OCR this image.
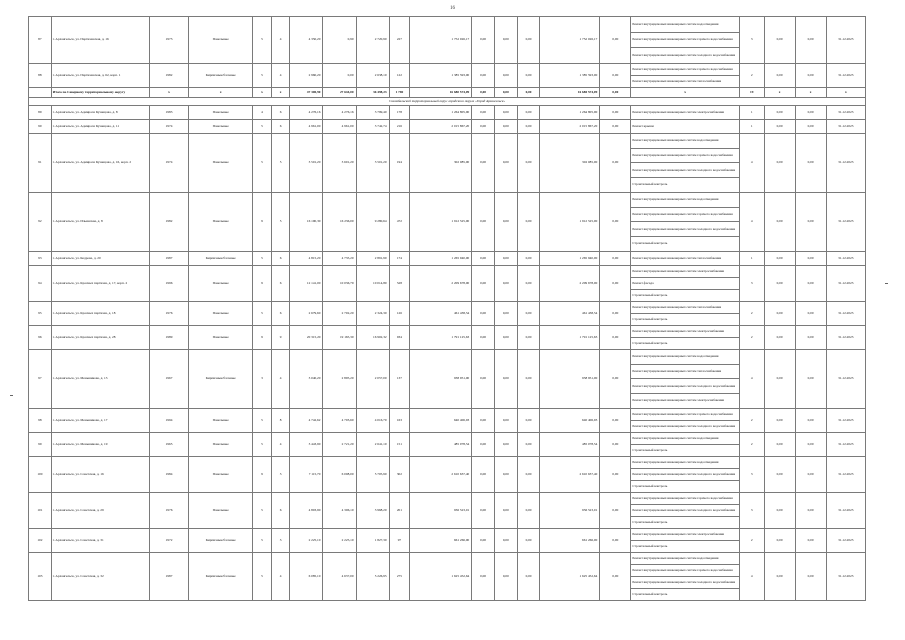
16
87	г. Архангельск, ул. Партизанская, д. 16	1973	Панельные	5	4	4 350,20	0,90	2 720,90	227	1 752 026,17	0,00	0,00	0,00	1 752 026,17	0,00	Ремонт внутридомовых инженерных систем водоотведения	3	0,00	0,00	31.12.2023
																Ремонт внутридомовых инженерных систем горячего водоснабжения				
																Ремонт внутридомовых инженерных систем холодного водоснабжения				
88	г. Архангельск, ул. Партизанская, д. 62, корп. 1	1982	Кирпичные/блочные	5	4	2 960,20	0,00	2 638,10	122	1 385 593,00	0,00	0,00	0,00	1 385 593,00	0,00	Ремонт внутридомовых инженерных систем горячего водоснабжения	2	0,00	0,00	31.12.2023
																Ремонт внутридомовых инженерных систем теплоснабжения				
	Итого по Северному территориальному округу	x	x	x	x	47 300,90	27 644,00	36 498,23	1 769	16 680 574,09	0,00	0,00	0,00	16 680 574,09	0,00	x	19	x	x	x
Соломбальский территориальный округ городского округа «Город Архангельск»																				
89	г. Архангельск, ул. Адмирала Кузнецова, д. 8	1983	Панельные	4	6	4 276,16	4 276,16	3 799,40	178	1 264 805,90	0,00	0,00	0,00	1 264 805,90	0,00	Ремонт внутридомовых инженерных систем электроснабжения	1	0,00	0,00	31.12.2023
90	г. Архангельск, ул. Адмирала Кузнецова, д. 11	1974	Панельные	5	6	4 961,00	4 961,00	3 742,74	216	2 015 867,20	0,00	0,00	0,00	2 015 867,20	0,00	Ремонт крыши	1	0,00	0,00	31.12.2023
91	г. Архангельск, ул. Адмирала Кузнецова, д. 16, корп. 2	1974	Панельные	5	5	3 501,20	3 601,20	3 501,20	194	302 085,00	0,00	0,00	0,00	302 085,00	0,00	Ремонт внутридомовых инженерных систем водоотведения	4	0,00	0,00	31.12.2023
																Ремонт внутридомовых инженерных систем горячего водоснабжения				
																Ремонт внутридомовых инженерных систем холодного водоснабжения				
																Строительный контроль				
92	г. Архангельск, ул. Ильинская, д. 8	1982	Панельные	9	5	16 190,30	16 236,00	9 280,64	472	1 912 525,00	0,00	0,00	0,00	1 912 525,00	0,00	Ремонт внутридомовых инженерных систем водоотведения	4	0,00	0,00	31.12.2023
																Ремонт внутридомовых инженерных систем горячего водоснабжения				
																Ремонт внутридомовых инженерных систем холодного водоснабжения				
																Строительный контроль				
93	г. Архангельск, ул. Кедрова, д. 20	1987	Кирпичные/блочные	5	6	4 815,20	4 735,20	2 891,90	174	1 265 940,00	0,00	0,00	0,00	1 265 940,00	0,00	Ремонт внутридомовых инженерных систем теплоснабжения	1	0,00	0,00	31.12.2023
94	г. Архангельск, ул. Красных партизан, д. 17, корп. 2	1996	Панельные	9	6	12 141,00	10 036,79	10 014,80	528	2 209 678,00	0,00	0,00	0,00	2 209 678,00	0,00	Ремонт внутридомовых инженерных систем электроснабжения	3	0,00	0,00	31.12.2023
																Ремонт фасада				
																Строительный контроль				
95	г. Архангельск, ул. Красных партизан, д. 18	1976	Панельные	5	6	2 679,60	2 702,20	2 324,30	126	461 438,54	0,00	0,00	0,00	461 438,54	0,00	Ремонт внутридомовых инженерных систем теплоснабжения	2	0,00	0,00	31.12.2023
																Строительный контроль				
96	г. Архангельск, ул. Красных партизан, д. 28	1989	Панельные	9	9	20 315,20	19 165,30	16 902,32	934	1 791 125,63	0,00	0,00	0,00	1 791 125,63	0,00	Ремонт внутридомовых инженерных систем электроснабжения	2	0,00	0,00	31.12.2023
																Строительный контроль				
97	г. Архангельск, ул. Меньшикова, д. 13	1967	Кирпичные/блочные	3	4	3 040,20	2 895,20	2 057,00	137	938 951,00	0,00	0,00	0,00	938 951,00	0,00	Ремонт внутридомовых инженерных систем водоотведения	4	0,00	0,00	31.12.2023
																Ремонт внутридомовых инженерных систем теплоснабжения				
																Ремонт внутридомовых инженерных систем холодного водоснабжения				
																Ремонт внутридомовых инженерных систем электроснабжения				
98	г. Архангельск, ул. Меньшикова, д. 17	1994	Панельные	5	8	4 742,62	4 703,60	4 016,70	163	640 406,93	0,00	0,00	0,00	640 406,93	0,00	Ремонт внутридомовых инженерных систем горячего водоснабжения	2	0,00	0,00	31.12.2023
																Ремонт внутридомовых инженерных систем холодного водоснабжения				
99	г. Архангельск, ул. Меньшикова, д. 19	1965	Панельные	5	4	3 443,90	2 721,20	2 641,10	151	485 078,54	0,00	0,00	0,00	485 078,54	0,00	Ремонт внутридомовых инженерных систем водоотведения	2	0,00	0,00	31.12.2023
																Строительный контроль				
100	г. Архангельск, ул. Советская, д. 16	1984	Панельные	9	3	7 115,70	6 008,00	5 705,90	302	2 610 637,40	0,00	0,00	0,00	2 610 637,40	0,00	Ремонт внутридомовых инженерных систем водоотведения	3	0,00	0,00	31.12.2023
																Ремонт внутридомовых инженерных систем холодного водоснабжения				
																Строительный контроль				
101	г. Архангельск, ул. Советская, д. 29	1976	Панельные	5	6	4 803,90	4 306,10	3 968,20	201	936 523,01	0,00	0,00	0,00	936 523,01	0,00	Ремонт внутридомовых инженерных систем горячего водоснабжения	3	0,00	0,00	31.12.2023
																Ремонт внутридомовых инженерных систем холодного водоснабжения				
																Строительный контроль				
102	г. Архангельск, ул. Советская, д. 31	1972	Кирпичные/блочные	5	3	2 225,10	2 225,10	1 827,30	97	661 266,00	0,00	0,00	0,00	661 266,00	0,00	Ремонт внутридомовых инженерных систем электроснабжения	2	0,00	0,00	31.12.2023
																Строительный контроль				
103	г. Архангельск, ул. Советская, д. 32	1987	Кирпичные/блочные	5	4	6 085,10	4 637,00	5 226,95	275	1 625 452,64	0,00	0,00	0,00	1 625 452,64	0,00	Ремонт внутридомовых инженерных систем водоотведения	4	0,00	0,00	31.12.2023
																Ремонт внутридомовых инженерных систем горячего водоснабжения				
																Ремонт внутридомовых инженерных систем холодного водоснабжения				
																Строительный контроль				
